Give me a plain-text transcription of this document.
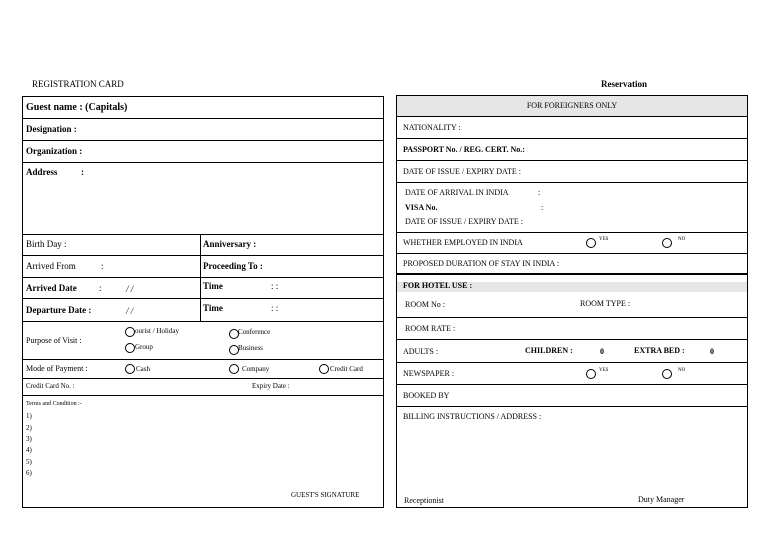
REGISTRATION CARD	Reservation
Guest name : (Capitals)
Designation :
Organization :
Address	:
Birth Day :	Anniversary :
Arrived From	:	Proceeding To :
Arrived Date :	/ /	Time	: :
Departure Date :	/ /	Time	: :
Purpose of Visit :
ourist / Holiday	Conference
Group	Business
Mode of Payment :	Cash	Company	Credit Card
Credit Card No. :	Expiry Date :
Terms and Condition :-
1)
2)
3)
4)
5)
6)
GUEST'S SIGNATURE
FOR FOREIGNERS ONLY
NATIONALITY :
PASSPORT No. / REG. CERT. No.:
DATE OF ISSUE / EXPIRY DATE :
DATE OF ARRIVAL IN INDIA	:
VISA No.	:
DATE OF ISSUE / EXPIRY DATE :
WHETHER EMPLOYED IN INDIA	YES	NO
PROPOSED DURATION OF STAY IN INDIA :
FOR HOTEL USE :
ROOM No :	ROOM TYPE :
ROOM RATE :
ADULTS :	CHILDREN :	0	EXTRA BED :	0
NEWSPAPER :	YES	NO
BOOKED BY
BILLING INSTRUCTIONS / ADDRESS :
Receptionist	Duty Manager
